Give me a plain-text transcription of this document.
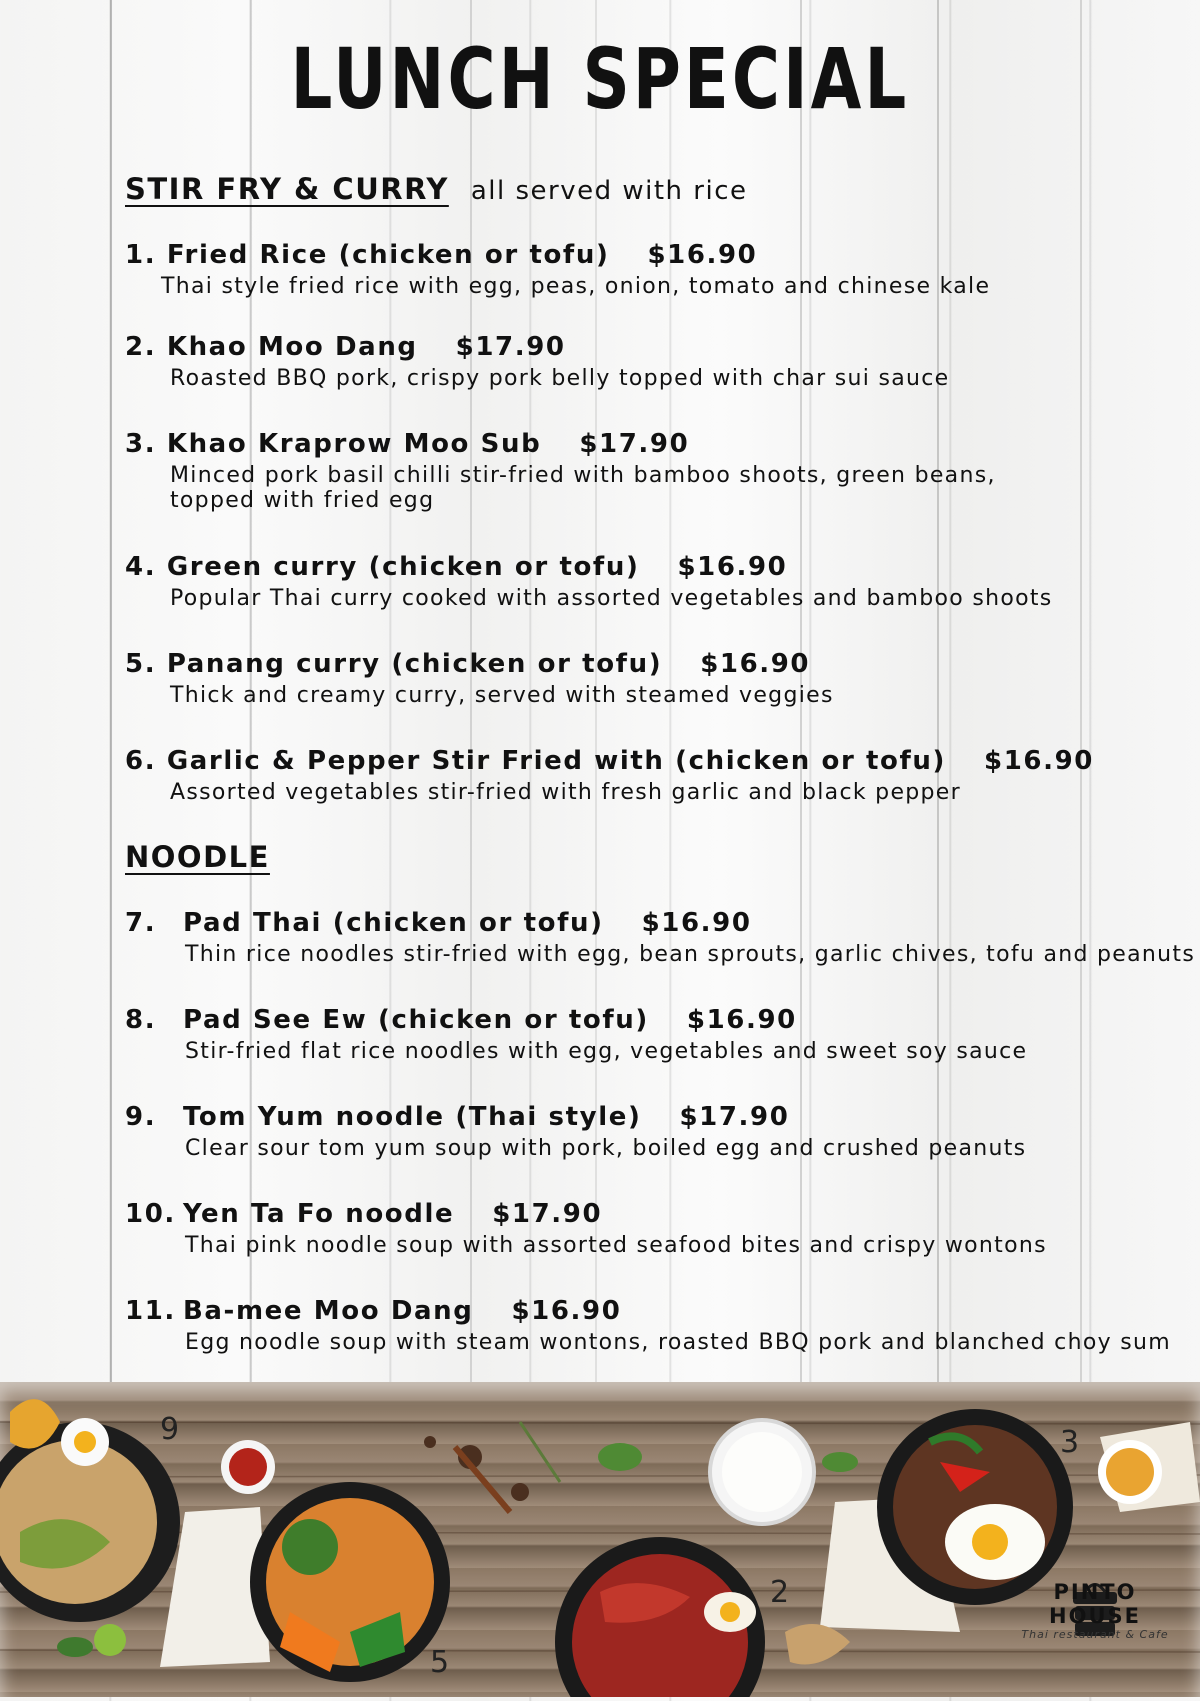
LUNCH SPECIAL
STIR FRY & CURRY all served with rice
1. Fried Rice (chicken or tofu) $16.90
Thai style fried rice with egg, peas, onion, tomato and chinese kale
2. Khao Moo Dang $17.90
Roasted BBQ pork, crispy pork belly topped with char sui sauce
3. Khao Kraprow Moo Sub $17.90
Minced pork basil chilli stir-fried with bamboo shoots, green beans,
topped with fried egg
4. Green curry (chicken or tofu) $16.90
Popular Thai curry cooked with assorted vegetables and bamboo shoots
5. Panang curry (chicken or tofu) $16.90
Thick and creamy curry, served with steamed veggies
6. Garlic & Pepper Stir Fried with (chicken or tofu) $16.90
Assorted vegetables stir-fried with fresh garlic and black pepper
NOODLE
7. Pad Thai (chicken or tofu) $16.90
Thin rice noodles stir-fried with egg, bean sprouts, garlic chives, tofu and peanuts
8. Pad See Ew (chicken or tofu) $16.90
Stir-fried flat rice noodles with egg, vegetables and sweet soy sauce
9. Tom Yum noodle (Thai style) $17.90
Clear sour tom yum soup with pork, boiled egg and crushed peanuts
10. Yen Ta Fo noodle $17.90
Thai pink noodle soup with assorted seafood bites and crispy wontons
11. Ba-mee Moo Dang $16.90
Egg noodle soup with steam wontons, roasted BBQ pork and blanched choy sum
9
5
2
3
PINTO HOUSE
Thai restaurant & Cafe
